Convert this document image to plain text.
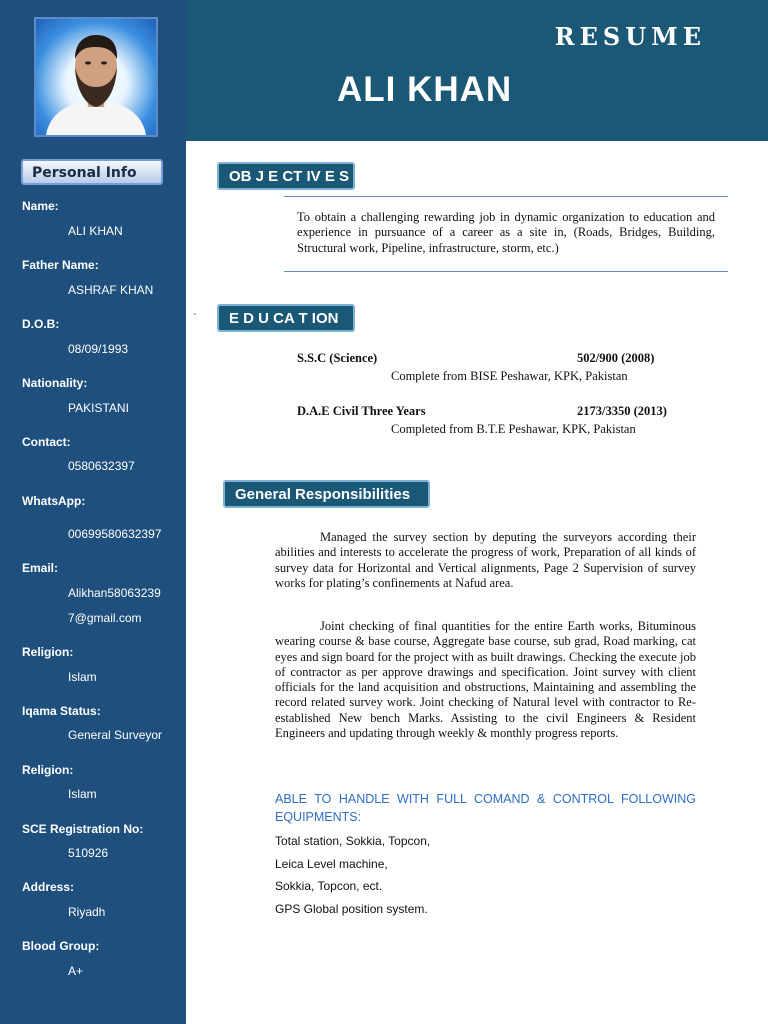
RESUME
ALI KHAN
Personal Info
Name:
ALI KHAN
Father Name:
ASHRAF KHAN
D.O.B:
08/09/1993
Nationality:
PAKISTANI
Contact:
0580632397
WhatsApp:
00699580632397
Email:
Alikhan58063239
7@gmail.com
Religion:
Islam
Iqama Status:
General Surveyor
Religion:
Islam
SCE Registration No:
510926
Address:
Riyadh
Blood Group:
A+
OB J E CT IV E S
To obtain a challenging rewarding job in dynamic organization to education and experience in pursuance of a career as a site in, (Roads, Bridges, Building, Structural work, Pipeline, infrastructure, storm, etc.)
`	E D U CA T ION
S.S.C (Science)	502/900 (2008)
Complete from BISE Peshawar, KPK, Pakistan
D.A.E Civil Three Years	2173/3350 (2013)
Completed from B.T.E Peshawar, KPK, Pakistan
General Responsibilities
Managed the survey section by deputing the surveyors according their abilities and interests to accelerate the progress of work, Preparation of all kinds of survey data for Horizontal and Vertical alignments, Page 2 Supervision of survey works for plating’s confinements at Nafud area.
Joint checking of final quantities for the entire Earth works, Bituminous wearing course & base course, Aggregate base course, sub grad, Road marking, cat eyes and sign board for the project with as built drawings. Checking the execute job of contractor as per approve drawings and specification. Joint survey with client officials for the land acquisition and obstructions, Maintaining and assembling the record related survey work. Joint checking of Natural level with contractor to Re-established New bench Marks. Assisting to the civil Engineers & Resident Engineers and updating through weekly & monthly progress reports.
ABLE TO HANDLE WITH FULL COMAND & CONTROL FOLLOWING EQUIPMENTS:
Total station, Sokkia, Topcon,
Leica Level machine,
Sokkia, Topcon, ect.
GPS Global position system.
